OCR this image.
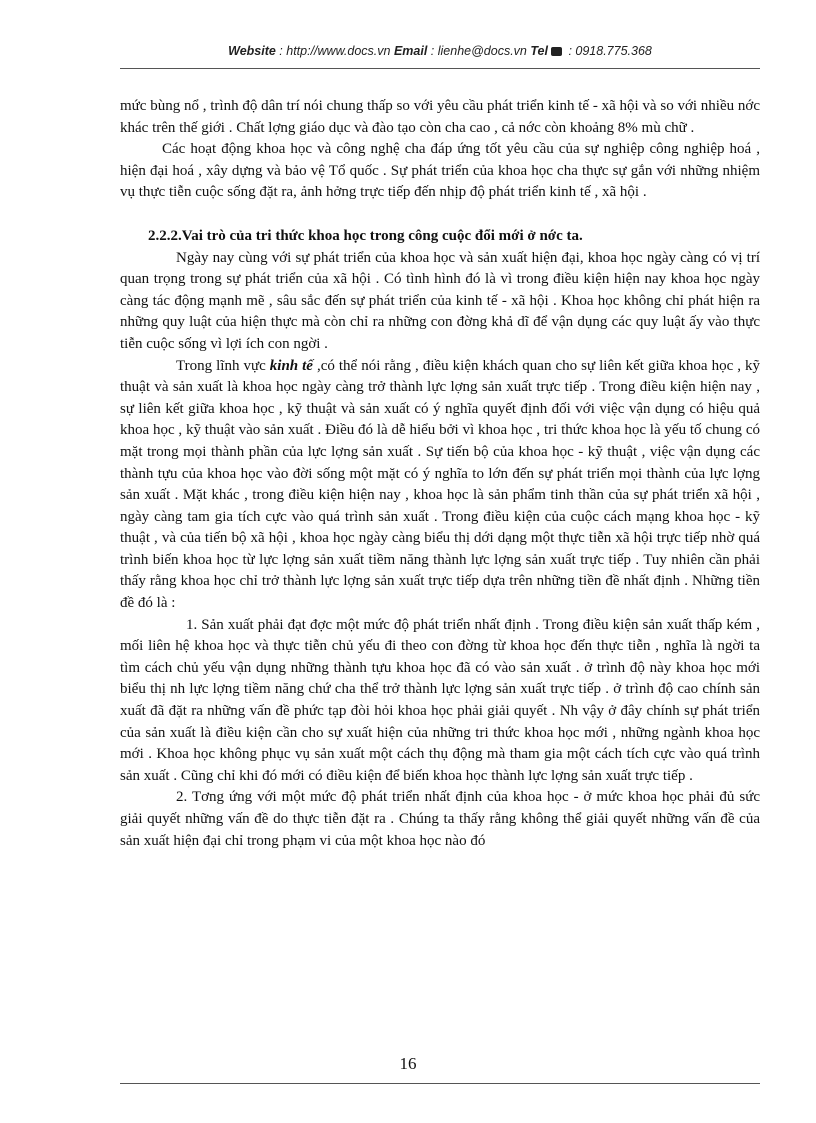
Website : http://www.docs.vn Email : lienhe@docs.vn Tel : 0918.775.368

mức bùng nổ , trình độ dân trí nói chung thấp so với yêu cầu phát triển kinh tế - xã hội và so với nhiều nớc khác trên thế giới . Chất lợng giáo dục và đào tạo còn cha cao , cả nớc còn khoảng 8% mù chữ .

Các hoạt động khoa học và công nghệ cha đáp ứng tốt yêu cầu của sự nghiệp công nghiệp hoá , hiện đại hoá , xây dựng và bảo vệ Tổ quốc . Sự phát triển của khoa học cha thực sự gắn với những nhiệm vụ thực tiễn cuộc sống đặt ra, ảnh hởng trực tiếp đến nhịp độ phát triển kinh tế , xã hội .

2.2.2.Vai trò của tri thức khoa học trong công cuộc đổi mới ở nớc ta.

Ngày nay cùng với sự phát triển của khoa học và sản xuất hiện đại, khoa học ngày càng có vị trí quan trọng trong sự phát triển của xã hội . Có tình hình đó là vì trong điều kiện hiện nay khoa học ngày càng tác động mạnh mẽ , sâu sắc đến sự phát triển của kinh tế - xã hội . Khoa học không chỉ phát hiện ra những quy luật của hiện thực mà còn chỉ ra những con đờng khả dĩ để vận dụng các quy luật ấy vào thực tiễn cuộc sống vì lợi ích con ngời .

Trong lĩnh vực kinh tế ,có thể nói rằng , điều kiện khách quan cho sự liên kết giữa khoa học , kỹ thuật và sản xuất là khoa học ngày càng trở thành lực lợng sản xuất trực tiếp . Trong điều kiện hiện nay , sự liên kết giữa khoa học , kỹ thuật và sản xuất có ý nghĩa quyết định đối với việc vận dụng có hiệu quả khoa học , kỹ thuật vào sản xuất . Điều đó là dễ hiểu bởi vì khoa học , tri thức khoa học là yếu tố chung có mặt trong mọi thành phần của lực lợng sản xuất . Sự tiến bộ của khoa học - kỹ thuật , việc vận dụng các thành tựu của khoa học vào đời sống một mặt có ý nghĩa to lớn đến sự phát triển mọi thành của lực lợng sản xuất . Mặt khác , trong điều kiện hiện nay , khoa học là sản phẩm tinh thần của sự phát triển xã hội , ngày càng tam gia tích cực vào quá trình sản xuất . Trong điều kiện của cuộc cách mạng khoa học - kỹ thuật , và của tiến bộ xã hội , khoa học ngày càng biểu thị dới dạng một thực tiễn xã hội trực tiếp nhờ quá trình biến khoa học từ lực lợng sản xuất tiềm năng thành lực lợng sản xuất trực tiếp . Tuy nhiên cần phải thấy rằng khoa học chỉ trở thành lực lợng sản xuất trực tiếp dựa trên những tiền đề nhất định . Những tiền đề đó là :

1. Sản xuất phải đạt đợc một mức độ phát triển nhất định . Trong điều kiện sản xuất thấp kém , mối liên hệ khoa học và thực tiễn chủ yếu đi theo con đờng từ khoa học đến thực tiễn , nghĩa là ngời ta tìm cách chủ yếu vận dụng những thành tựu khoa học đã có vào sản xuất . ở trình độ này khoa học mới biểu thị nh lực lợng tiềm năng chứ cha thể trở thành lực lợng sản xuất trực tiếp . ở trình độ cao chính sản xuất đã đặt ra những vấn đề phức tạp đòi hỏi khoa học phải giải quyết . Nh vậy ở đây chính sự phát triển của sản xuất là điều kiện cần cho sự xuất hiện của những tri thức khoa học mới , những ngành khoa học mới . Khoa học không phục vụ sản xuất một cách thụ động mà tham gia một cách tích cực vào quá trình sản xuất . Cũng chỉ khi đó mới có điều kiện để biến khoa học thành lực lợng sản xuất trực tiếp .

2. Tơng ứng với một mức độ phát triển nhất định của khoa học - ở mức khoa học phải đủ sức giải quyết những vấn đề do thực tiễn đặt ra . Chúng ta thấy rằng không thể giải quyết những vấn đề của sản xuất hiện đại chỉ trong phạm vi của một khoa học nào đó

16
